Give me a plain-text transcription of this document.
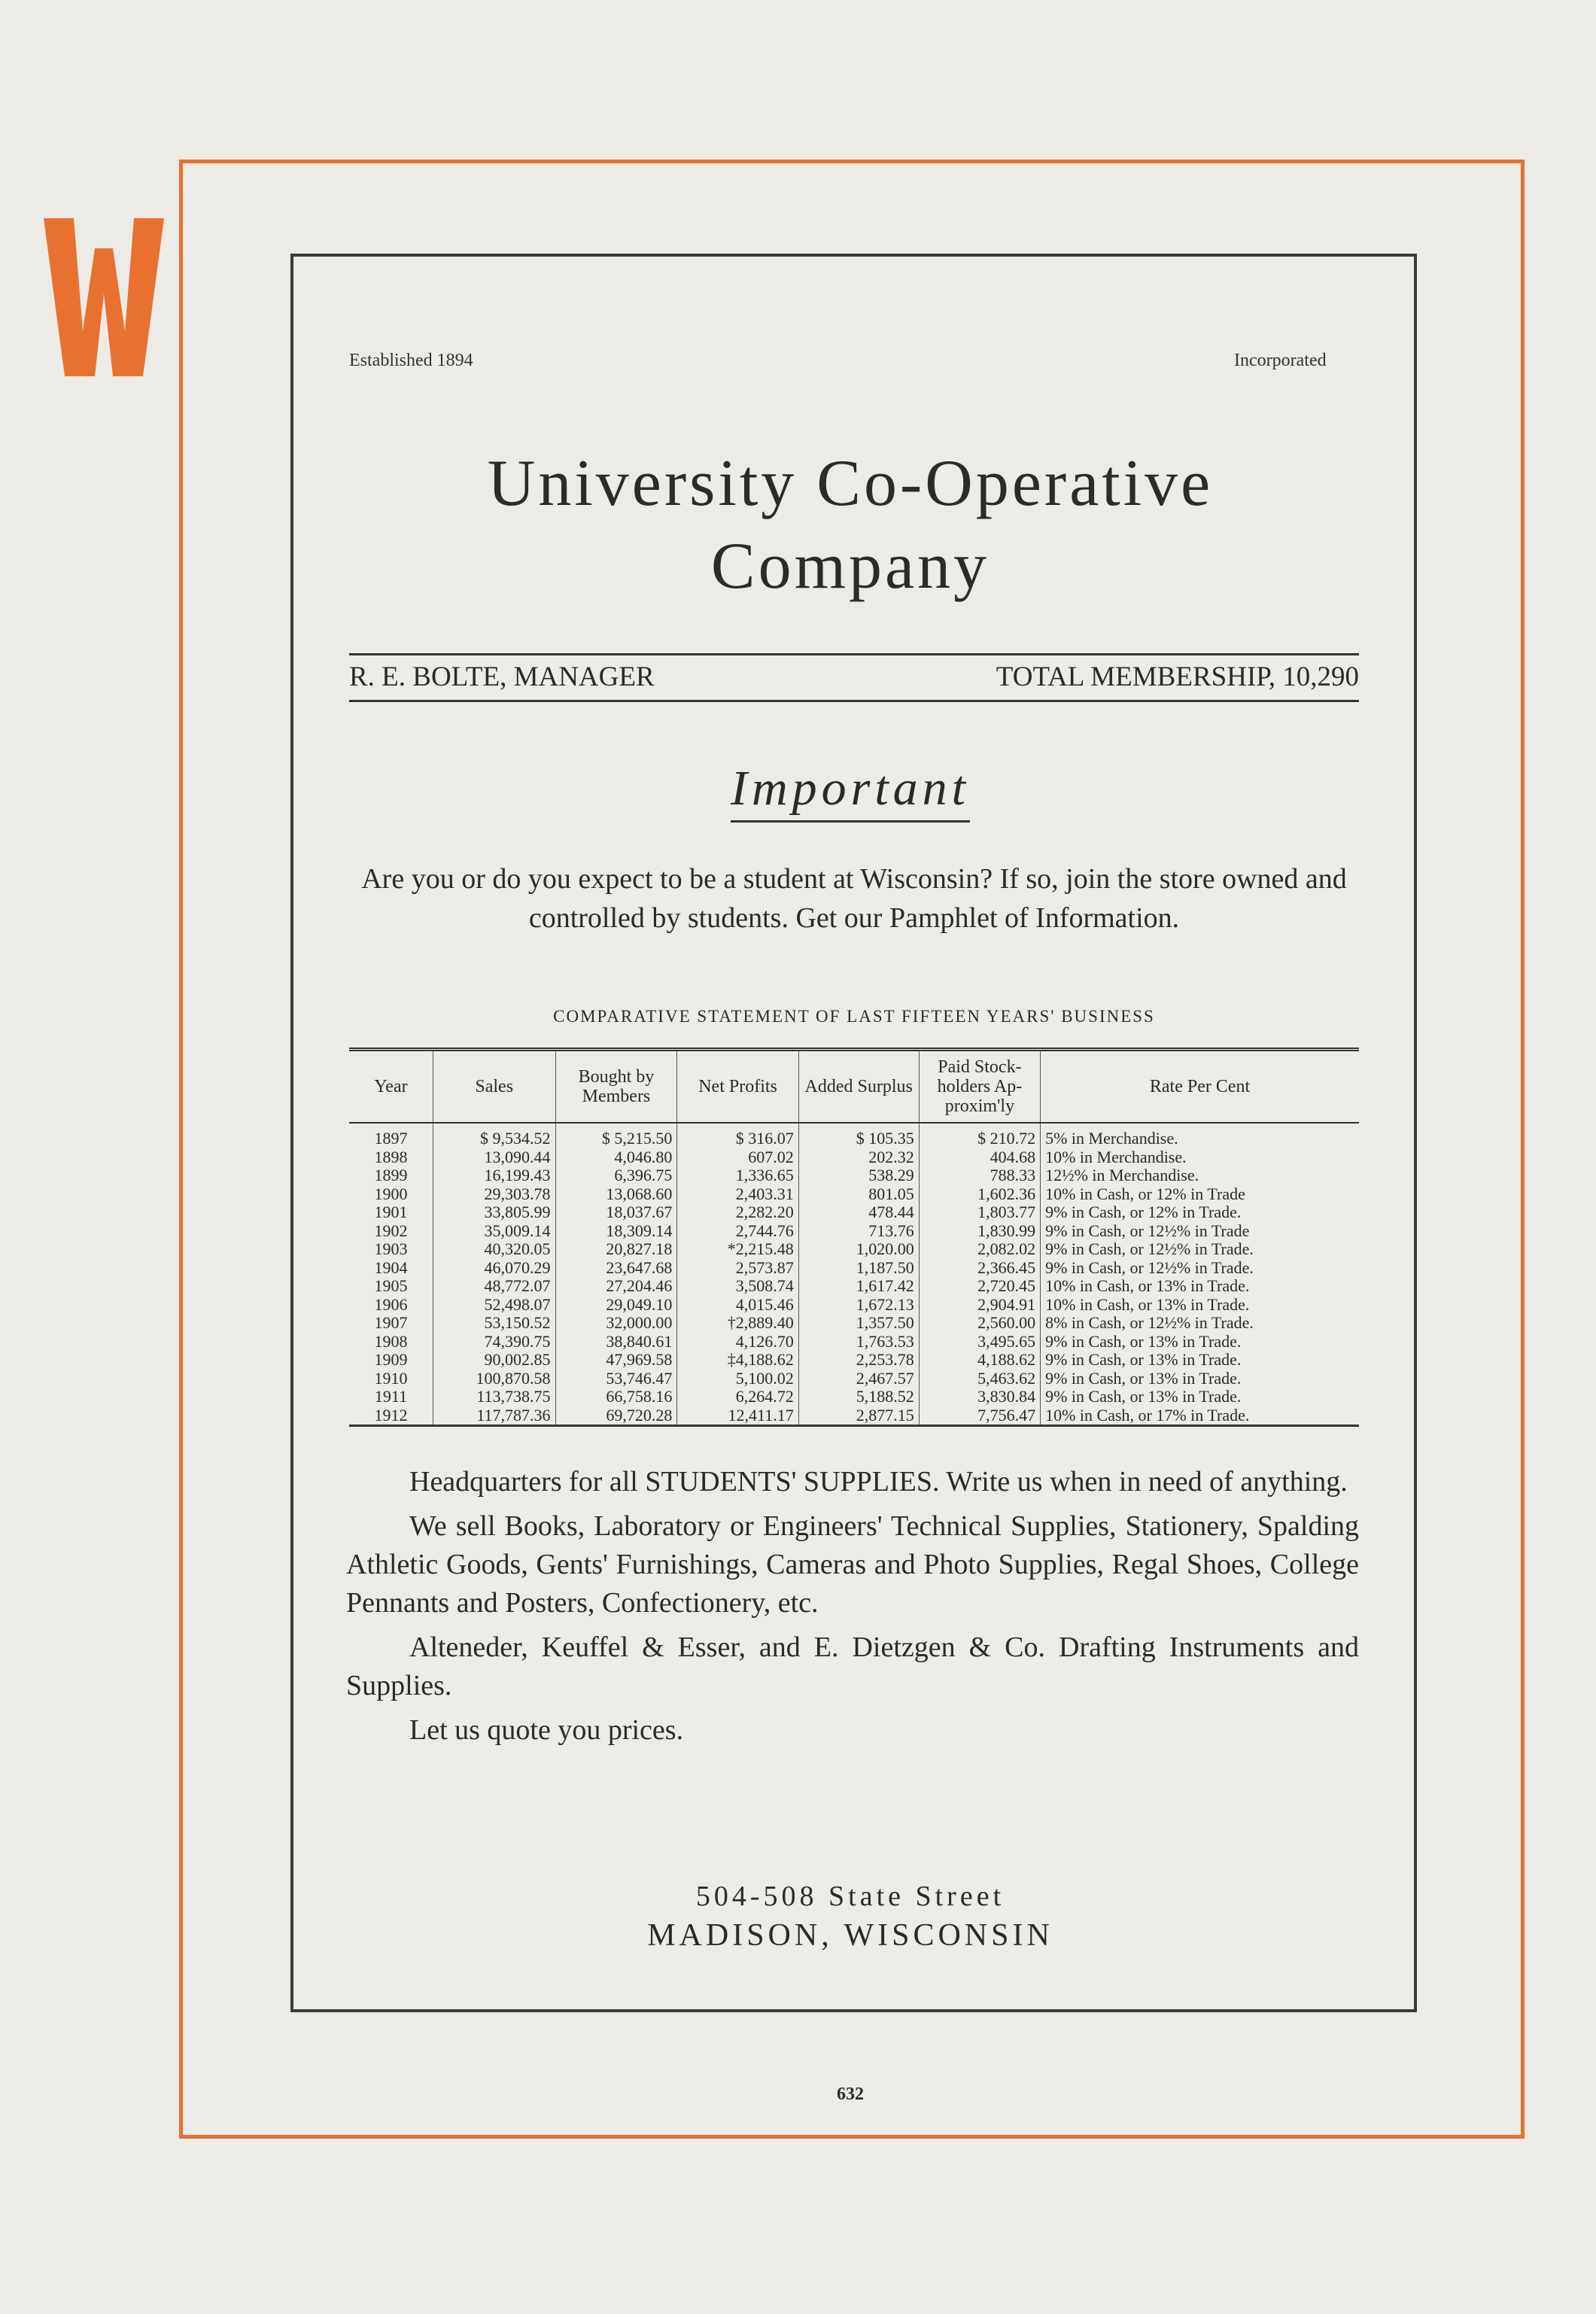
Established 1894	Incorporated
University Co-Operative
Company
R. E. BOLTE, MANAGER	TOTAL MEMBERSHIP, 10,290
Important
Are you or do you expect to be a student at Wisconsin? If so, join the store owned and controlled by students. Get our Pamphlet of Information.
COMPARATIVE STATEMENT OF LAST FIFTEEN YEARS' BUSINESS
Year	Sales	Bought by Members	Net Profits	Added Surplus	Paid Stock-holders Ap-proxim'ly	Rate Per Cent
1897	$ 9,534.52	$ 5,215.50	$ 316.07	$ 105.35	$ 210.72	5% in Merchandise.
1898	13,090.44	4,046.80	607.02	202.32	404.68	10% in Merchandise.
1899	16,199.43	6,396.75	1,336.65	538.29	788.33	12½% in Merchandise.
1900	29,303.78	13,068.60	2,403.31	801.05	1,602.36	10% in Cash, or 12% in Trade
1901	33,805.99	18,037.67	2,282.20	478.44	1,803.77	9% in Cash, or 12% in Trade.
1902	35,009.14	18,309.14	2,744.76	713.76	1,830.99	9% in Cash, or 12½% in Trade
1903	40,320.05	20,827.18	*2,215.48	1,020.00	2,082.02	9% in Cash, or 12½% in Trade.
1904	46,070.29	23,647.68	2,573.87	1,187.50	2,366.45	9% in Cash, or 12½% in Trade.
1905	48,772.07	27,204.46	3,508.74	1,617.42	2,720.45	10% in Cash, or 13% in Trade.
1906	52,498.07	29,049.10	4,015.46	1,672.13	2,904.91	10% in Cash, or 13% in Trade.
1907	53,150.52	32,000.00	†2,889.40	1,357.50	2,560.00	8% in Cash, or 12½% in Trade.
1908	74,390.75	38,840.61	4,126.70	1,763.53	3,495.65	9% in Cash, or 13% in Trade.
1909	90,002.85	47,969.58	‡4,188.62	2,253.78	4,188.62	9% in Cash, or 13% in Trade.
1910	100,870.58	53,746.47	5,100.02	2,467.57	5,463.62	9% in Cash, or 13% in Trade.
1911	113,738.75	66,758.16	6,264.72	5,188.52	3,830.84	9% in Cash, or 13% in Trade.
1912	117,787.36	69,720.28	12,411.17	2,877.15	7,756.47	10% in Cash, or 17% in Trade.

Headquarters for all STUDENTS' SUPPLIES. Write us when in need of anything.

We sell Books, Laboratory or Engineers' Technical Supplies, Stationery, Spalding Athletic Goods, Gents' Furnishings, Cameras and Photo Supplies, Regal Shoes, College Pennants and Posters, Confectionery, etc.

Alteneder, Keuffel & Esser, and E. Dietzgen & Co. Drafting Instruments and Supplies.

Let us quote you prices.

504-508 State Street
MADISON, WISCONSIN
632
